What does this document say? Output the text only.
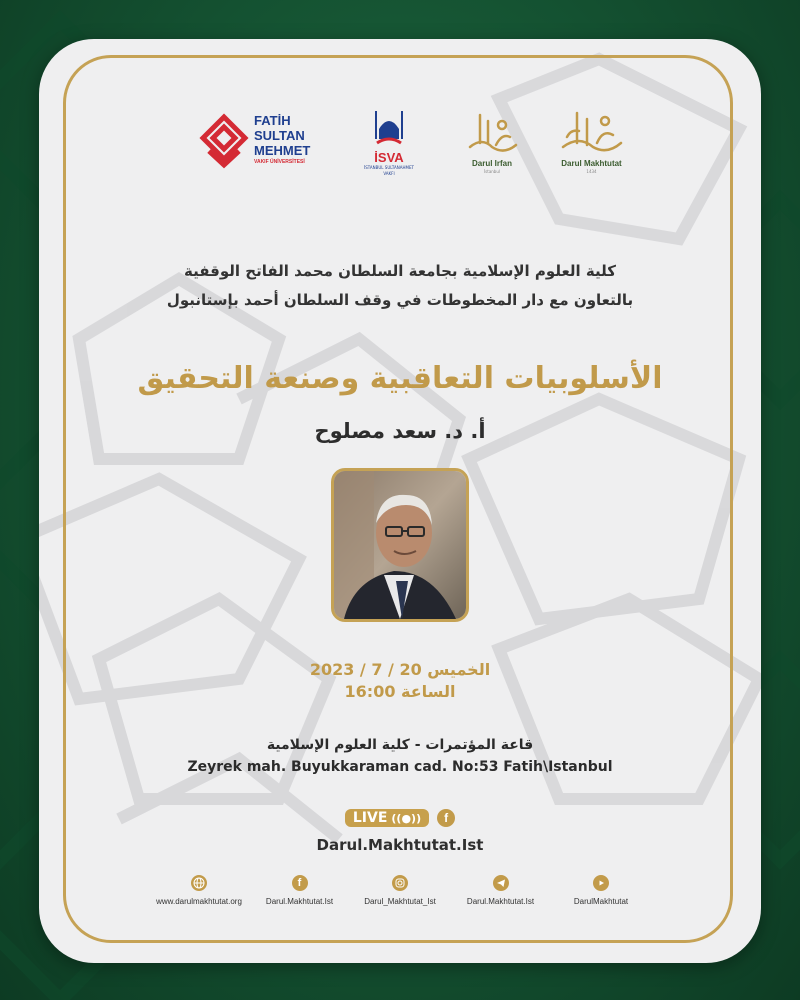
FATİH
SULTAN
MEHMET
VAKIF ÜNİVERSİTESİ	İSVA
İSTANBUL SULTANAHMET
VAKFI
Darul Irfan
İstanbul
Darul Makhtutat
1434
كلية العلوم الإسلامية بجامعة السلطان محمد الفاتح الوقفية
بالتعاون مع دار المخطوطات في وقف السلطان أحمد بإستانبول
الأسلوبيات التعاقبية وصنعة التحقيق
أ. د. سعد مصلوح
الخميس 20 / 7 / 2023
الساعة 16:00
قاعة المؤتمرات - كلية العلوم الإسلامية
Zeyrek mah. Buyukkaraman cad. No:53 Fatih\Istanbul
LIVE ((●))	f
Darul.Makhtutat.Ist
www.darulmakhtutat.org
f
Darul.Makhtutat.Ist	Darul_Makhtutat_Ist	Darul.Makhtutat.Ist	DarulMakhtutat
